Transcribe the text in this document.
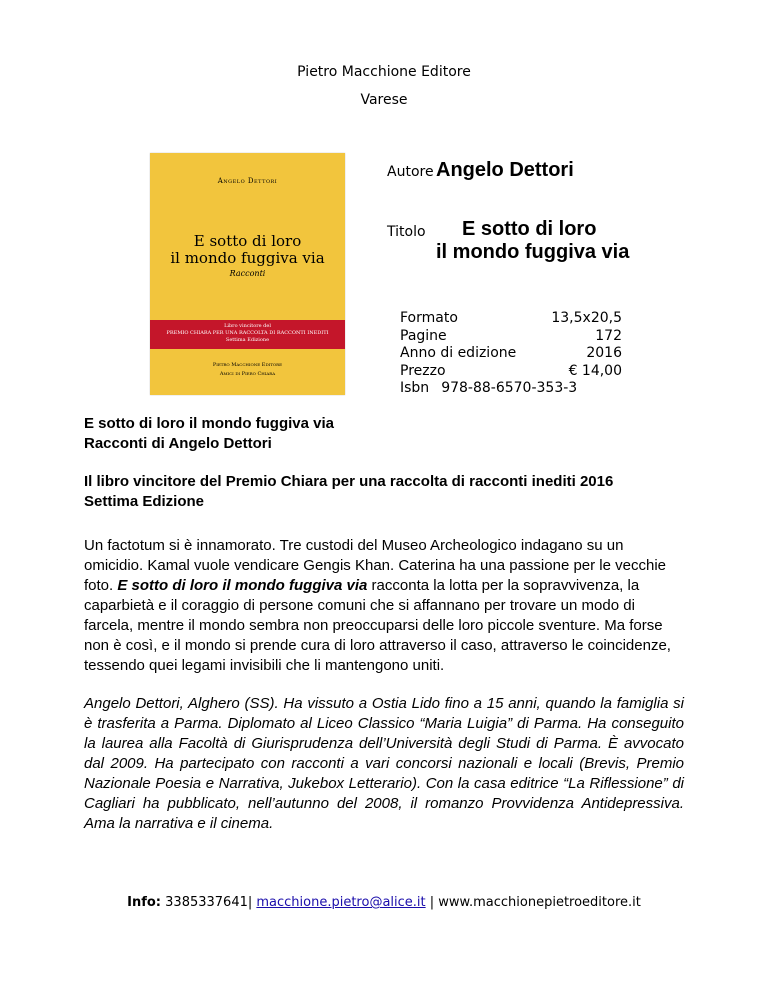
Pietro Macchione Editore
Varese
Angelo Dettori
E sotto di loro
il mondo fuggiva via
Racconti
Libro vincitore del
PREMIO CHIARA PER UNA RACCOLTA DI RACCONTI INEDITI
Settima Edizione
Pietro Macchione Editore
Amici di Piero Chiara
Autore Angelo Dettori
Titolo E sotto di loro
il mondo fuggiva via
Formato	13,5x20,5
Pagine	172
Anno di edizione	2016
Prezzo	€ 14,00
Isbn 978-88-6570-353-3
E sotto di loro il mondo fuggiva via
Racconti di Angelo Dettori
Il libro vincitore del Premio Chiara per una raccolta di racconti inediti 2016
Settima Edizione
Un factotum si è innamorato. Tre custodi del Museo Archeologico indagano su un omicidio. Kamal vuole vendicare Gengis Khan. Caterina ha una passione per le vecchie foto. E sotto di loro il mondo fuggiva via racconta la lotta per la sopravvivenza, la caparbietà e il coraggio di persone comuni che si affannano per trovare un modo di farcela, mentre il mondo sembra non preoccuparsi delle loro piccole sventure. Ma forse non è così, e il mondo si prende cura di loro attraverso il caso, attraverso le coincidenze, tessendo quei legami invisibili che li mantengono uniti.
Angelo Dettori, Alghero (SS). Ha vissuto a Ostia Lido fino a 15 anni, quando la famiglia si è trasferita a Parma. Diplomato al Liceo Classico “Maria Luigia” di Parma. Ha conseguito la laurea alla Facoltà di Giurisprudenza dell’Università degli Studi di Parma. È avvocato dal 2009. Ha partecipato con racconti a vari concorsi nazionali e locali (Brevis, Premio Nazionale Poesia e Narrativa, Jukebox Letterario). Con la casa editrice “La Riflessione” di Cagliari ha pubblicato, nell’autunno del 2008, il romanzo Provvidenza Antidepressiva. Ama la narrativa e il cinema.
Info: 3385337641| macchione.pietro@alice.it | www.macchionepietroeditore.it
